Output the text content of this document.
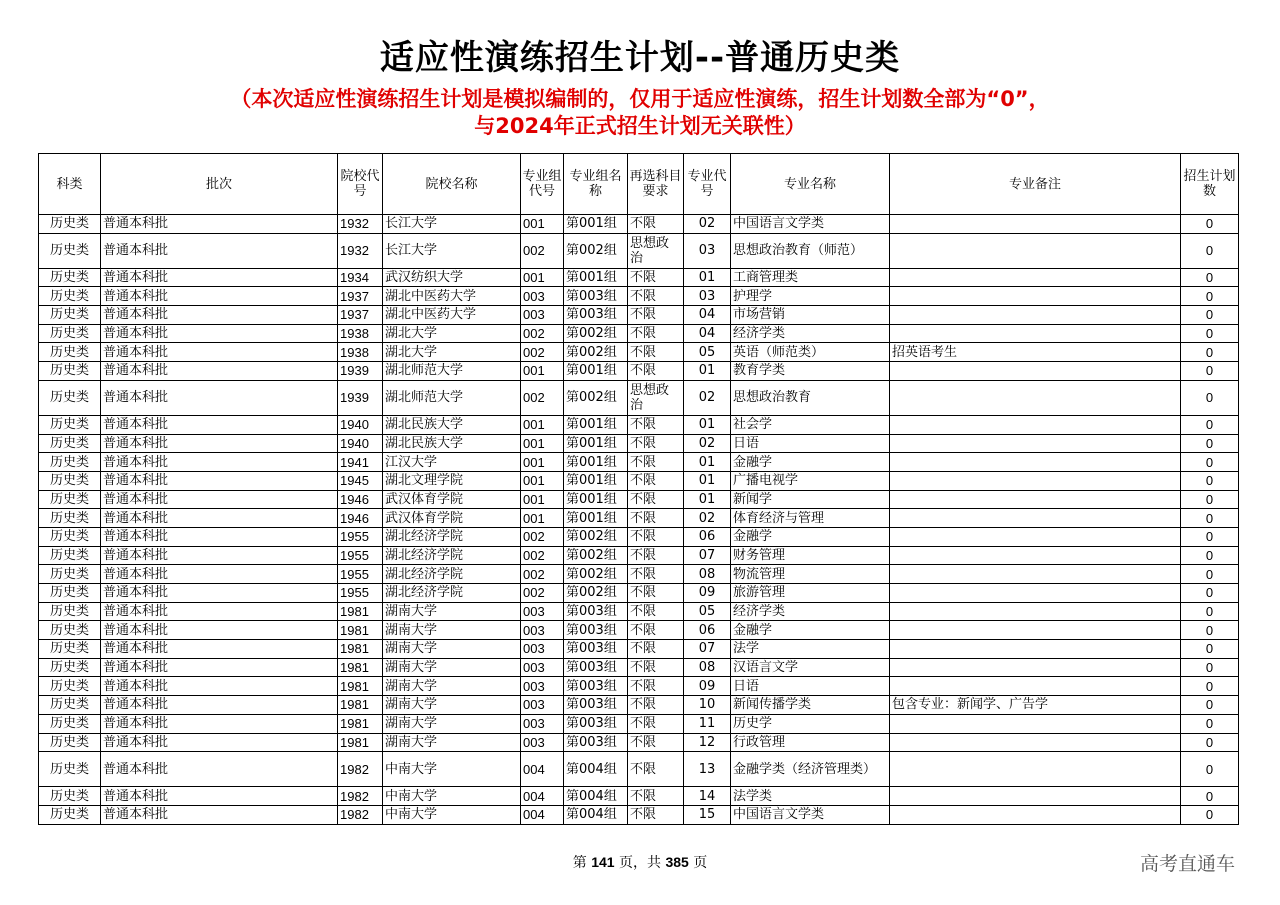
适应性演练招生计划--普通历史类
（本次适应性演练招生计划是模拟编制的，仅用于适应性演练，招生计划数全部为“0”，
与2024年正式招生计划无关联性）
科类	批次	院校代号	院校名称	专业组代号	专业组名称	再选科目要求	专业代号	专业名称	专业备注	招生计划数
历史类	普通本科批	1932	长江大学	001	第001组	不限	02	中国语言文学类		0
历史类	普通本科批	1932	长江大学	002	第002组	思想政治	03	思想政治教育（师范）		0
历史类	普通本科批	1934	武汉纺织大学	001	第001组	不限	01	工商管理类		0
历史类	普通本科批	1937	湖北中医药大学	003	第003组	不限	03	护理学		0
历史类	普通本科批	1937	湖北中医药大学	003	第003组	不限	04	市场营销		0
历史类	普通本科批	1938	湖北大学	002	第002组	不限	04	经济学类		0
历史类	普通本科批	1938	湖北大学	002	第002组	不限	05	英语（师范类）	招英语考生	0
历史类	普通本科批	1939	湖北师范大学	001	第001组	不限	01	教育学类		0
历史类	普通本科批	1939	湖北师范大学	002	第002组	思想政治	02	思想政治教育		0
历史类	普通本科批	1940	湖北民族大学	001	第001组	不限	01	社会学		0
历史类	普通本科批	1940	湖北民族大学	001	第001组	不限	02	日语		0
历史类	普通本科批	1941	江汉大学	001	第001组	不限	01	金融学		0
历史类	普通本科批	1945	湖北文理学院	001	第001组	不限	01	广播电视学		0
历史类	普通本科批	1946	武汉体育学院	001	第001组	不限	01	新闻学		0
历史类	普通本科批	1946	武汉体育学院	001	第001组	不限	02	体育经济与管理		0
历史类	普通本科批	1955	湖北经济学院	002	第002组	不限	06	金融学		0
历史类	普通本科批	1955	湖北经济学院	002	第002组	不限	07	财务管理		0
历史类	普通本科批	1955	湖北经济学院	002	第002组	不限	08	物流管理		0
历史类	普通本科批	1955	湖北经济学院	002	第002组	不限	09	旅游管理		0
历史类	普通本科批	1981	湖南大学	003	第003组	不限	05	经济学类		0
历史类	普通本科批	1981	湖南大学	003	第003组	不限	06	金融学		0
历史类	普通本科批	1981	湖南大学	003	第003组	不限	07	法学		0
历史类	普通本科批	1981	湖南大学	003	第003组	不限	08	汉语言文学		0
历史类	普通本科批	1981	湖南大学	003	第003组	不限	09	日语		0
历史类	普通本科批	1981	湖南大学	003	第003组	不限	10	新闻传播学类	包含专业：新闻学、广告学	0
历史类	普通本科批	1981	湖南大学	003	第003组	不限	11	历史学		0
历史类	普通本科批	1981	湖南大学	003	第003组	不限	12	行政管理		0
历史类	普通本科批	1982	中南大学	004	第004组	不限	13	金融学类（经济管理类）		0
历史类	普通本科批	1982	中南大学	004	第004组	不限	14	法学类		0
历史类	普通本科批	1982	中南大学	004	第004组	不限	15	中国语言文学类		0
第 141 页，共 385 页	高考直通车
